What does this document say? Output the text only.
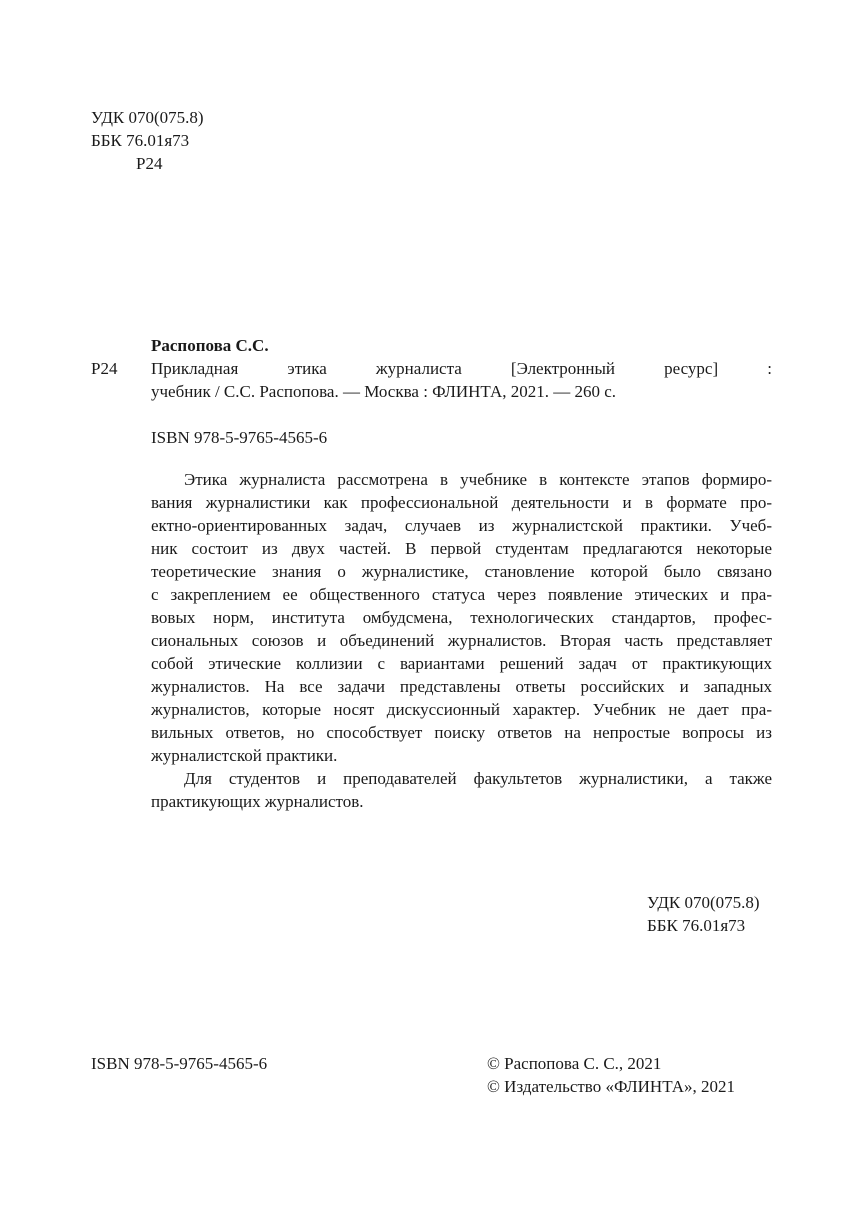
УДК 070(075.8)
ББК 76.01я73
Р24
Распопова С.С.
Р24 Прикладная этика журналиста [Электронный ресурс] :
учебник / С.С. Распопова. — Москва : ФЛИНТА, 2021. — 260 с.
ISBN 978-5-9765-4565-6
Этика журналиста рассмотрена в учебнике в контексте этапов формиро-
вания журналистики как профессиональной деятельности и в формате про-
ектно-ориентированных задач, случаев из журналистской практики. Учеб-
ник состоит из двух частей. В первой студентам предлагаются некоторые
теоретические знания о журналистике, становление которой было связано
с закреплением ее общественного статуса через появление этических и пра-
вовых норм, института омбудсмена, технологических стандартов, профес-
сиональных союзов и объединений журналистов. Вторая часть представляет
собой этические коллизии с вариантами решений задач от практикующих
журналистов. На все задачи представлены ответы российских и западных
журналистов, которые носят дискуссионный характер. Учебник не дает пра-
вильных ответов, но способствует поиску ответов на непростые вопросы из
журналистской практики.
Для студентов и преподавателей факультетов журналистики, а также
практикующих журналистов.
УДК 070(075.8)
ББК 76.01я73
ISBN 978-5-9765-4565-6	© Распопова С. С., 2021
© Издательство «ФЛИНТА», 2021
